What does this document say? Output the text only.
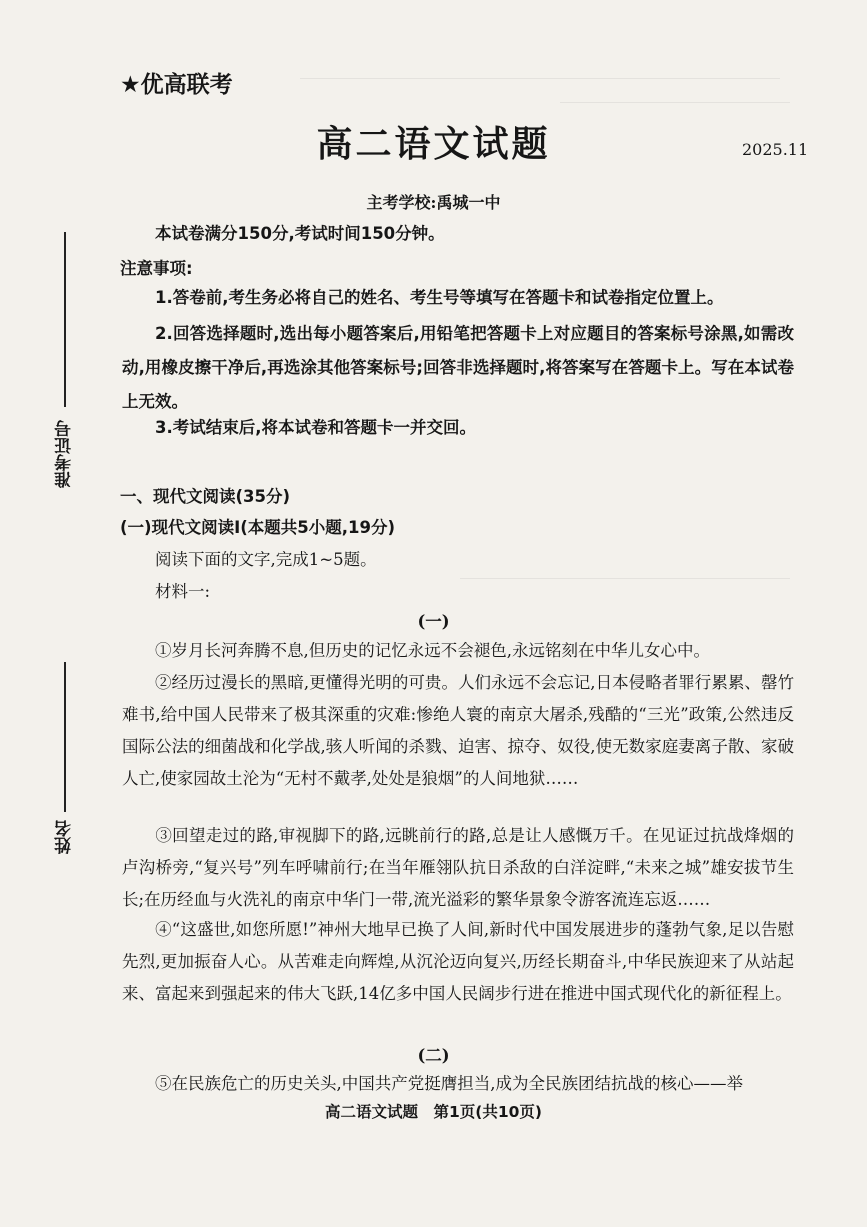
准考证号
姓名
★优高联考
高二语文试题	2025.11
主考学校:禹城一中
本试卷满分150分,考试时间150分钟。
注意事项:
1.答卷前,考生务必将自己的姓名、考生号等填写在答题卡和试卷指定位置上。
2.回答选择题时,选出每小题答案后,用铅笔把答题卡上对应题目的答案标号涂黑,如需改动,用橡皮擦干净后,再选涂其他答案标号;回答非选择题时,将答案写在答题卡上。写在本试卷上无效。
3.考试结束后,将本试卷和答题卡一并交回。
一、现代文阅读(35分)
(一)现代文阅读Ⅰ(本题共5小题,19分)
阅读下面的文字,完成1~5题。
材料一:
(一)
①岁月长河奔腾不息,但历史的记忆永远不会褪色,永远铭刻在中华儿女心中。
②经历过漫长的黑暗,更懂得光明的可贵。人们永远不会忘记,日本侵略者罪行累累、罄竹难书,给中国人民带来了极其深重的灾难:惨绝人寰的南京大屠杀,残酷的“三光”政策,公然违反国际公法的细菌战和化学战,骇人听闻的杀戮、迫害、掠夺、奴役,使无数家庭妻离子散、家破人亡,使家园故土沦为“无村不戴孝,处处是狼烟”的人间地狱……
③回望走过的路,审视脚下的路,远眺前行的路,总是让人感慨万千。在见证过抗战烽烟的卢沟桥旁,“复兴号”列车呼啸前行;在当年雁翎队抗日杀敌的白洋淀畔,“未来之城”雄安拔节生长;在历经血与火洗礼的南京中华门一带,流光溢彩的繁华景象令游客流连忘返……
④“这盛世,如您所愿!”神州大地早已换了人间,新时代中国发展进步的蓬勃气象,足以告慰先烈,更加振奋人心。从苦难走向辉煌,从沉沦迈向复兴,历经长期奋斗,中华民族迎来了从站起来、富起来到强起来的伟大飞跃,14亿多中国人民阔步行进在推进中国式现代化的新征程上。
(二)
⑤在民族危亡的历史关头,中国共产党挺膺担当,成为全民族团结抗战的核心——举
高二语文试题　第1页(共10页)
